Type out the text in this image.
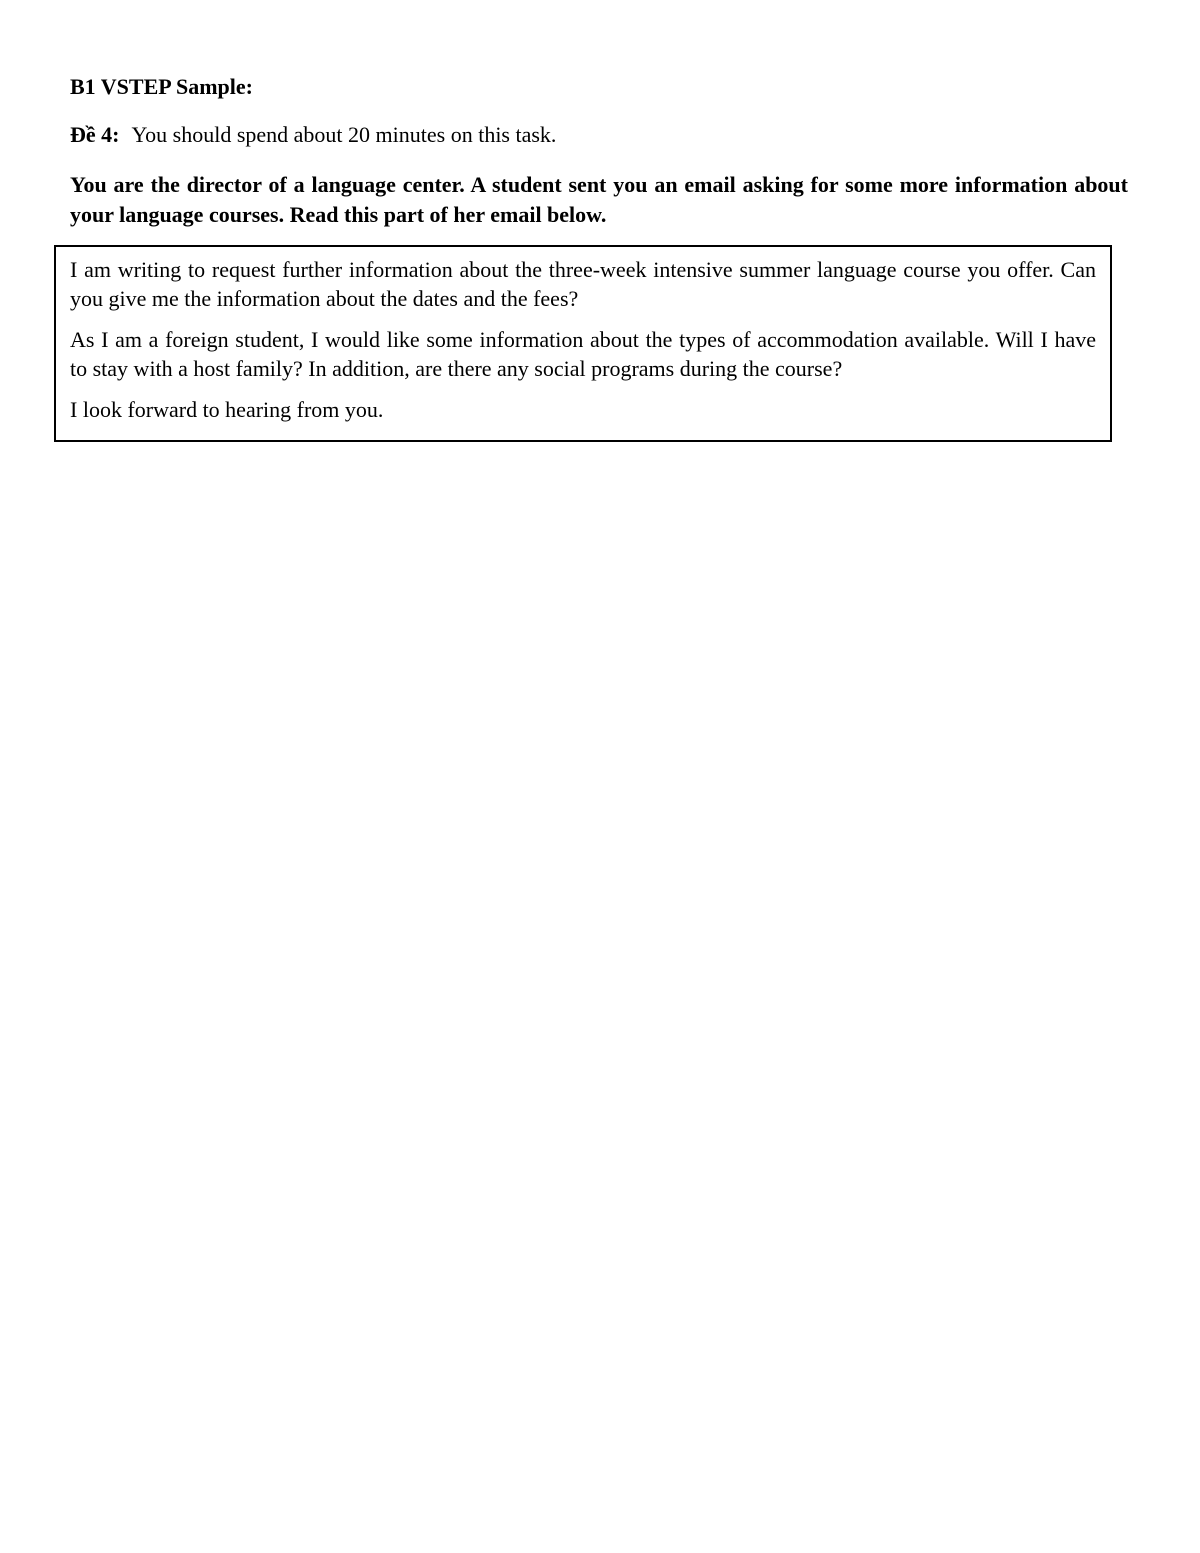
B1 VSTEP Sample:

Đề 4: You should spend about 20 minutes on this task.

You are the director of a language center. A student sent you an email asking for some more information about your language courses. Read this part of her email below.

I am writing to request further information about the three-week intensive summer language course you offer. Can you give me the information about the dates and the fees?

As I am a foreign student, I would like some information about the types of accommodation available. Will I have to stay with a host family? In addition, are there any social programs during the course?

I look forward to hearing from you.
